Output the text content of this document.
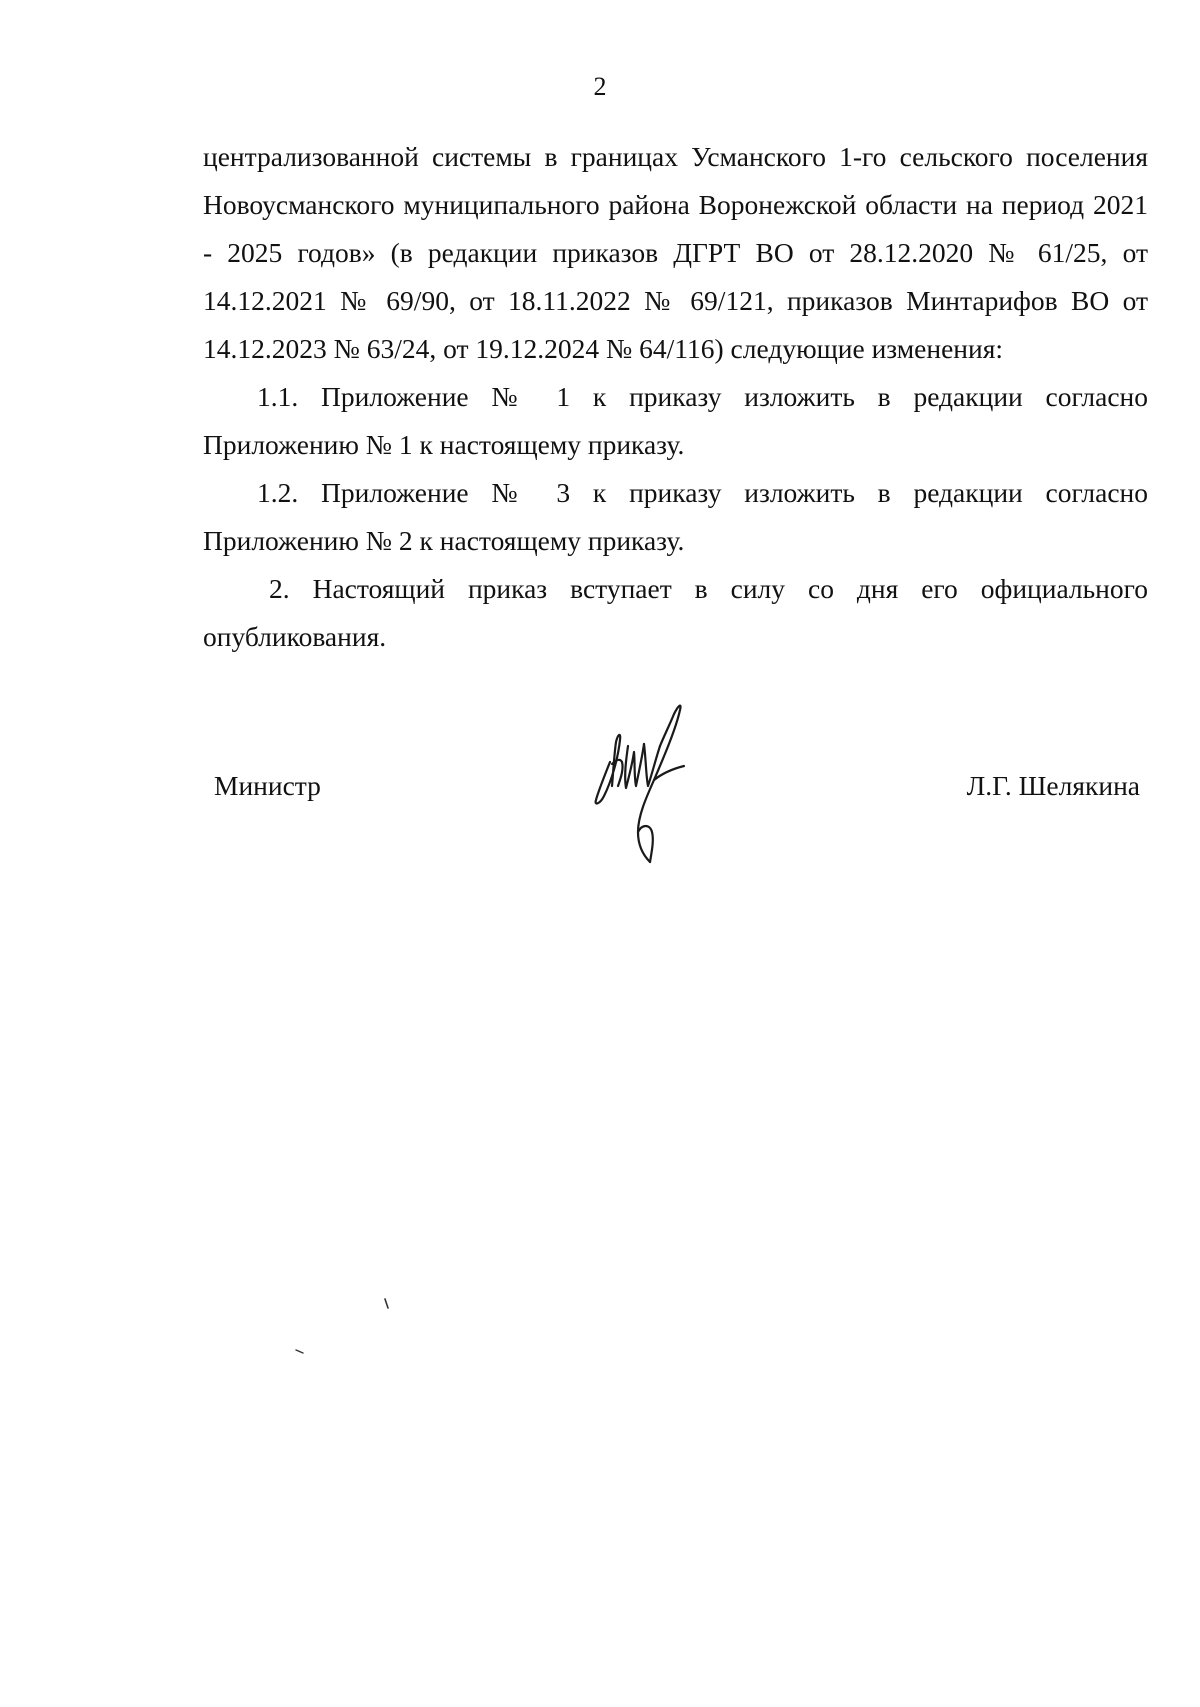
2

централизованной системы в границах Усманского 1-го сельского поселения Новоусманского муниципального района Воронежской области на период 2021 - 2025 годов» (в редакции приказов ДГРТ ВО от 28.12.2020 № 61/25, от 14.12.2021 № 69/90, от 18.11.2022 № 69/121, приказов Минтарифов ВО от 14.12.2023 № 63/24, от 19.12.2024 № 64/116) следующие изменения:

1.1. Приложение № 1 к приказу изложить в редакции согласно Приложению № 1 к настоящему приказу.

1.2. Приложение № 3 к приказу изложить в редакции согласно Приложению № 2 к настоящему приказу.

2. Настоящий приказ вступает в силу со дня его официального опубликования.

Министр	Л.Г. Шелякина
